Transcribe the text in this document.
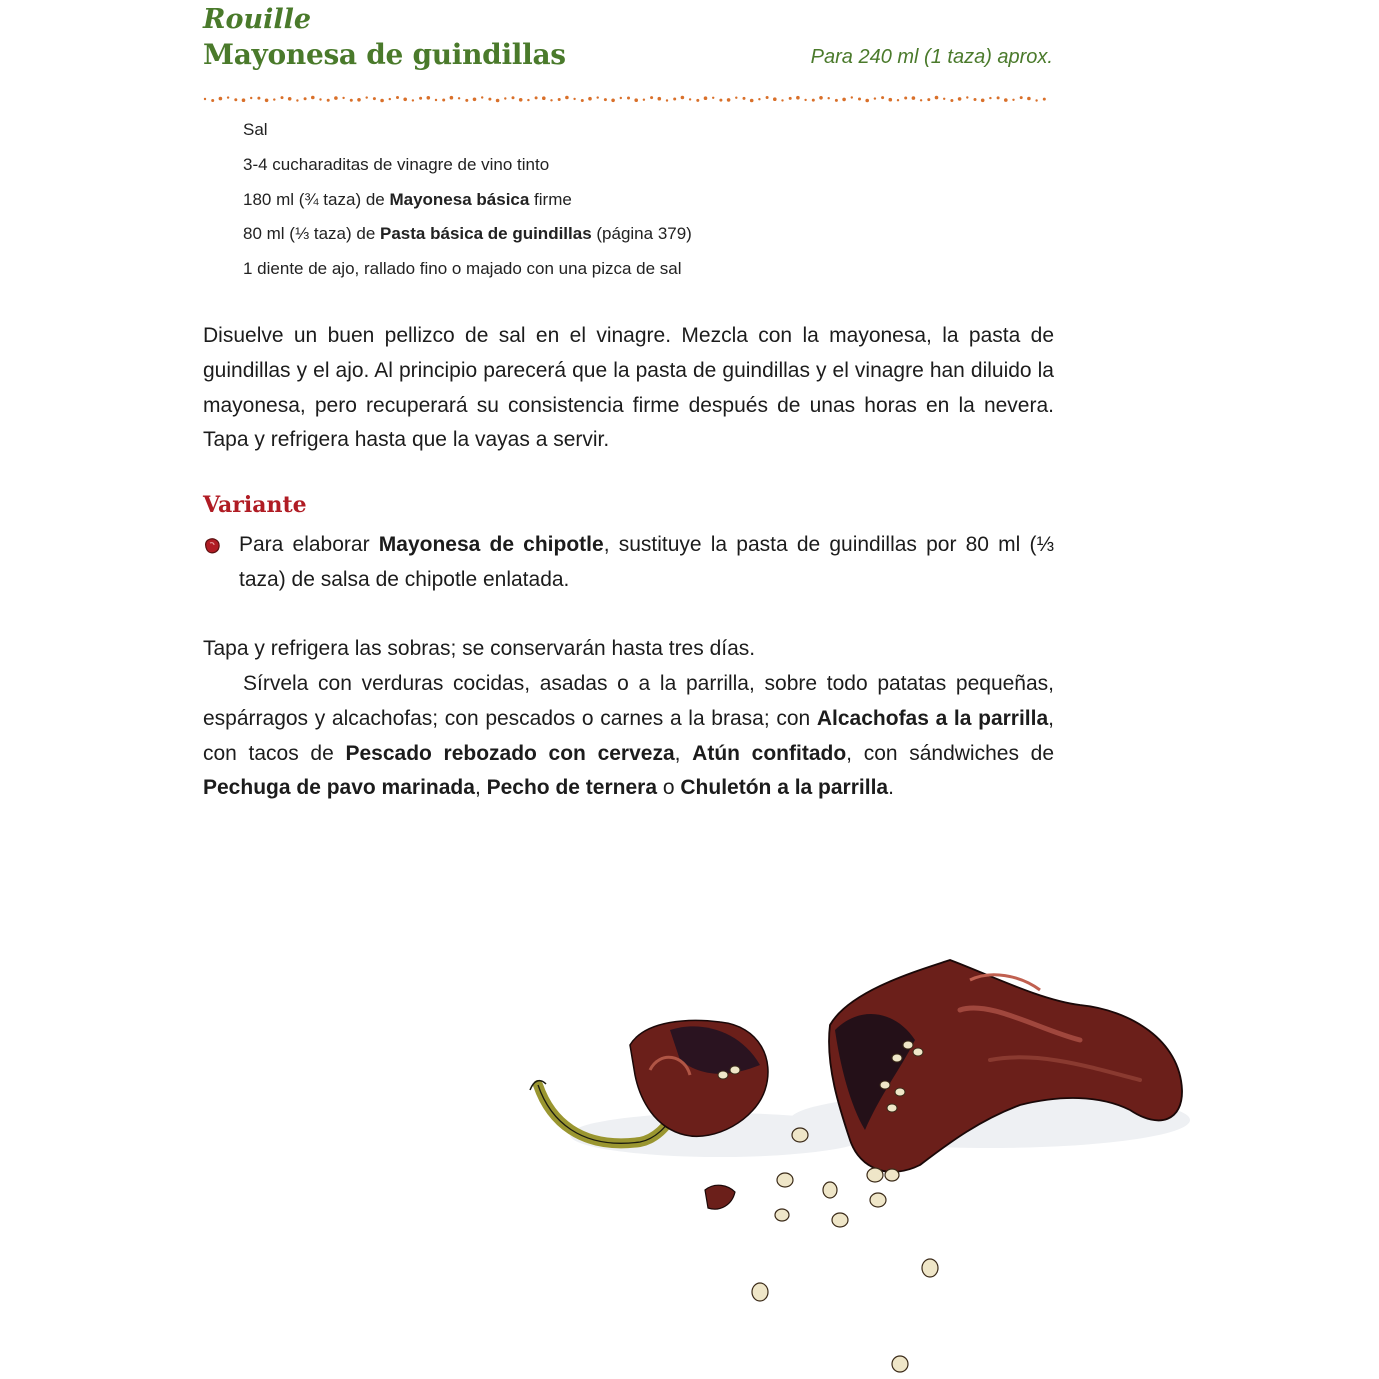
Rouille
Mayonesa de guindillas	Para 240 ml (1 taza) aprox.
Sal
3-4 cucharaditas de vinagre de vino tinto
180 ml (¾ taza) de Mayonesa básica firme
80 ml (⅓ taza) de Pasta básica de guindillas (página 379)
1 diente de ajo, rallado fino o majado con una pizca de sal

Disuelve un buen pellizco de sal en el vinagre. Mezcla con la mayonesa, la pasta de guindillas y el ajo. Al principio parecerá que la pasta de guindillas y el vinagre han diluido la mayonesa, pero recuperará su consistencia firme después de unas horas en la nevera. Tapa y refrigera hasta que la vayas a servir.

Variante

Para elaborar Mayonesa de chipotle, sustituye la pasta de guindillas por 80 ml (⅓ taza) de salsa de chipotle enlatada.

Tapa y refrigera las sobras; se conservarán hasta tres días.

Sírvela con verduras cocidas, asadas o a la parrilla, sobre todo patatas pequeñas, espárragos y alcachofas; con pescados o carnes a la brasa; con Alcachofas a la parrilla, con tacos de Pescado rebozado con cerveza, Atún confitado, con sándwiches de Pechuga de pavo marinada, Pecho de ternera o Chuletón a la parrilla.
